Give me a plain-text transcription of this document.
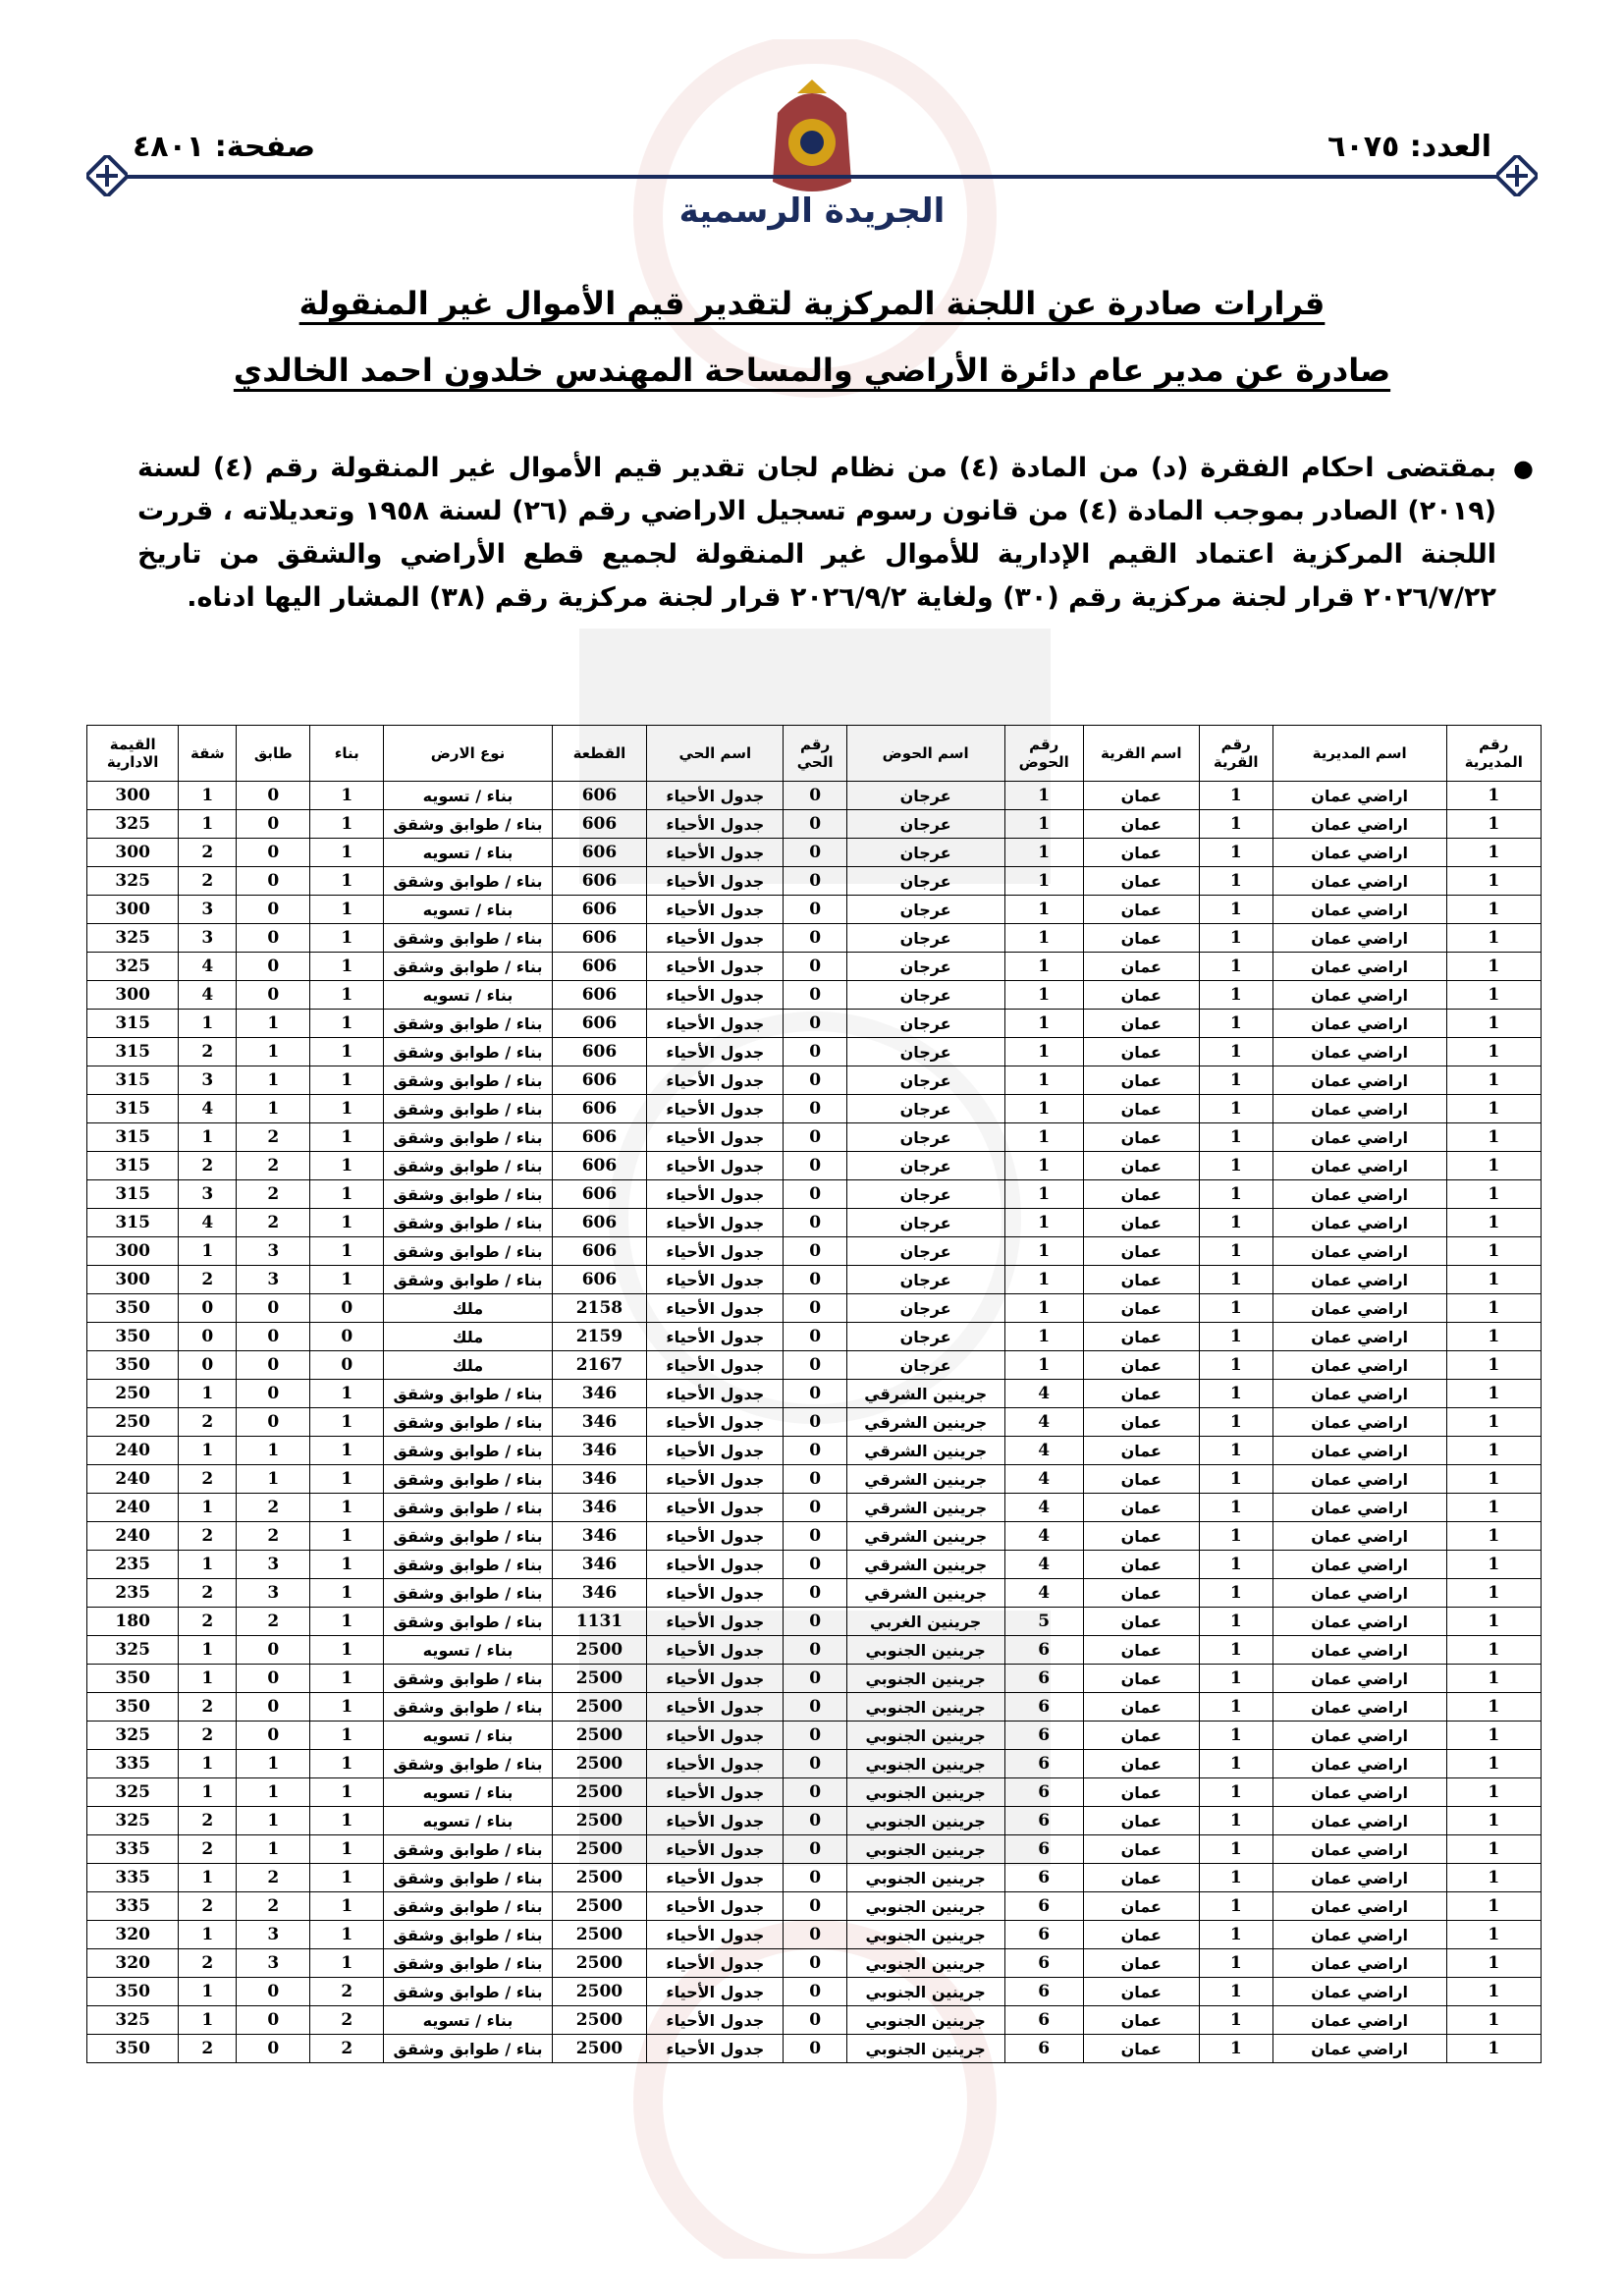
العدد: ٦٠٧٥
صفحة: ٤٨٠١
الجريدة الرسمية
قرارات صادرة عن اللجنة المركزية لتقدير قيم الأموال غير المنقولة
صادرة عن مدير عام دائرة الأراضي والمساحة المهندس خلدون احمد الخالدي
●
بمقتضى احكام الفقرة (د) من المادة (٤) من نظام لجان تقدير قيم الأموال غير المنقولة رقم (٤) لسنة (٢٠١٩) الصادر بموجب المادة (٤) من قانون رسوم تسجيل الاراضي رقم (٢٦) لسنة ١٩٥٨ وتعديلاته ، قررت اللجنة المركزية اعتماد القيم الإدارية للأموال غير المنقولة لجميع قطع الأراضي والشقق من تاريخ ٢٠٢٦/٧/٢٢ قرار لجنة مركزية رقم (٣٠) ولغاية ٢٠٢٦/٩/٢ قرار لجنة مركزية رقم (٣٨) المشار اليها ادناه.
رقم المديرية	اسم المديرية	رقم القرية	اسم القرية	رقم الحوض	اسم الحوض	رقم الحي	اسم الحي	القطعة	نوع الارض	بناء	طابق	شقة	القيمة الادارية
1	اراضي عمان	1	عمان	1	عرجان	0	جدول الأحياء	606	بناء / تسويه	1	0	1	300
1	اراضي عمان	1	عمان	1	عرجان	0	جدول الأحياء	606	بناء / طوابق وشقق	1	0	1	325
1	اراضي عمان	1	عمان	1	عرجان	0	جدول الأحياء	606	بناء / تسويه	1	0	2	300
1	اراضي عمان	1	عمان	1	عرجان	0	جدول الأحياء	606	بناء / طوابق وشقق	1	0	2	325
1	اراضي عمان	1	عمان	1	عرجان	0	جدول الأحياء	606	بناء / تسويه	1	0	3	300
1	اراضي عمان	1	عمان	1	عرجان	0	جدول الأحياء	606	بناء / طوابق وشقق	1	0	3	325
1	اراضي عمان	1	عمان	1	عرجان	0	جدول الأحياء	606	بناء / طوابق وشقق	1	0	4	325
1	اراضي عمان	1	عمان	1	عرجان	0	جدول الأحياء	606	بناء / تسويه	1	0	4	300
1	اراضي عمان	1	عمان	1	عرجان	0	جدول الأحياء	606	بناء / طوابق وشقق	1	1	1	315
1	اراضي عمان	1	عمان	1	عرجان	0	جدول الأحياء	606	بناء / طوابق وشقق	1	1	2	315
1	اراضي عمان	1	عمان	1	عرجان	0	جدول الأحياء	606	بناء / طوابق وشقق	1	1	3	315
1	اراضي عمان	1	عمان	1	عرجان	0	جدول الأحياء	606	بناء / طوابق وشقق	1	1	4	315
1	اراضي عمان	1	عمان	1	عرجان	0	جدول الأحياء	606	بناء / طوابق وشقق	1	2	1	315
1	اراضي عمان	1	عمان	1	عرجان	0	جدول الأحياء	606	بناء / طوابق وشقق	1	2	2	315
1	اراضي عمان	1	عمان	1	عرجان	0	جدول الأحياء	606	بناء / طوابق وشقق	1	2	3	315
1	اراضي عمان	1	عمان	1	عرجان	0	جدول الأحياء	606	بناء / طوابق وشقق	1	2	4	315
1	اراضي عمان	1	عمان	1	عرجان	0	جدول الأحياء	606	بناء / طوابق وشقق	1	3	1	300
1	اراضي عمان	1	عمان	1	عرجان	0	جدول الأحياء	606	بناء / طوابق وشقق	1	3	2	300
1	اراضي عمان	1	عمان	1	عرجان	0	جدول الأحياء	2158	ملك	0	0	0	350
1	اراضي عمان	1	عمان	1	عرجان	0	جدول الأحياء	2159	ملك	0	0	0	350
1	اراضي عمان	1	عمان	1	عرجان	0	جدول الأحياء	2167	ملك	0	0	0	350
1	اراضي عمان	1	عمان	4	جرينين الشرقي	0	جدول الأحياء	346	بناء / طوابق وشقق	1	0	1	250
1	اراضي عمان	1	عمان	4	جرينين الشرقي	0	جدول الأحياء	346	بناء / طوابق وشقق	1	0	2	250
1	اراضي عمان	1	عمان	4	جرينين الشرقي	0	جدول الأحياء	346	بناء / طوابق وشقق	1	1	1	240
1	اراضي عمان	1	عمان	4	جرينين الشرقي	0	جدول الأحياء	346	بناء / طوابق وشقق	1	1	2	240
1	اراضي عمان	1	عمان	4	جرينين الشرقي	0	جدول الأحياء	346	بناء / طوابق وشقق	1	2	1	240
1	اراضي عمان	1	عمان	4	جرينين الشرقي	0	جدول الأحياء	346	بناء / طوابق وشقق	1	2	2	240
1	اراضي عمان	1	عمان	4	جرينين الشرقي	0	جدول الأحياء	346	بناء / طوابق وشقق	1	3	1	235
1	اراضي عمان	1	عمان	4	جرينين الشرقي	0	جدول الأحياء	346	بناء / طوابق وشقق	1	3	2	235
1	اراضي عمان	1	عمان	5	جرينين الغربي	0	جدول الأحياء	1131	بناء / طوابق وشقق	1	2	2	180
1	اراضي عمان	1	عمان	6	جرينين الجنوبي	0	جدول الأحياء	2500	بناء / تسويه	1	0	1	325
1	اراضي عمان	1	عمان	6	جرينين الجنوبي	0	جدول الأحياء	2500	بناء / طوابق وشقق	1	0	1	350
1	اراضي عمان	1	عمان	6	جرينين الجنوبي	0	جدول الأحياء	2500	بناء / طوابق وشقق	1	0	2	350
1	اراضي عمان	1	عمان	6	جرينين الجنوبي	0	جدول الأحياء	2500	بناء / تسويه	1	0	2	325
1	اراضي عمان	1	عمان	6	جرينين الجنوبي	0	جدول الأحياء	2500	بناء / طوابق وشقق	1	1	1	335
1	اراضي عمان	1	عمان	6	جرينين الجنوبي	0	جدول الأحياء	2500	بناء / تسويه	1	1	1	325
1	اراضي عمان	1	عمان	6	جرينين الجنوبي	0	جدول الأحياء	2500	بناء / تسويه	1	1	2	325
1	اراضي عمان	1	عمان	6	جرينين الجنوبي	0	جدول الأحياء	2500	بناء / طوابق وشقق	1	1	2	335
1	اراضي عمان	1	عمان	6	جرينين الجنوبي	0	جدول الأحياء	2500	بناء / طوابق وشقق	1	2	1	335
1	اراضي عمان	1	عمان	6	جرينين الجنوبي	0	جدول الأحياء	2500	بناء / طوابق وشقق	1	2	2	335
1	اراضي عمان	1	عمان	6	جرينين الجنوبي	0	جدول الأحياء	2500	بناء / طوابق وشقق	1	3	1	320
1	اراضي عمان	1	عمان	6	جرينين الجنوبي	0	جدول الأحياء	2500	بناء / طوابق وشقق	1	3	2	320
1	اراضي عمان	1	عمان	6	جرينين الجنوبي	0	جدول الأحياء	2500	بناء / طوابق وشقق	2	0	1	350
1	اراضي عمان	1	عمان	6	جرينين الجنوبي	0	جدول الأحياء	2500	بناء / تسويه	2	0	1	325
1	اراضي عمان	1	عمان	6	جرينين الجنوبي	0	جدول الأحياء	2500	بناء / طوابق وشقق	2	0	2	350
